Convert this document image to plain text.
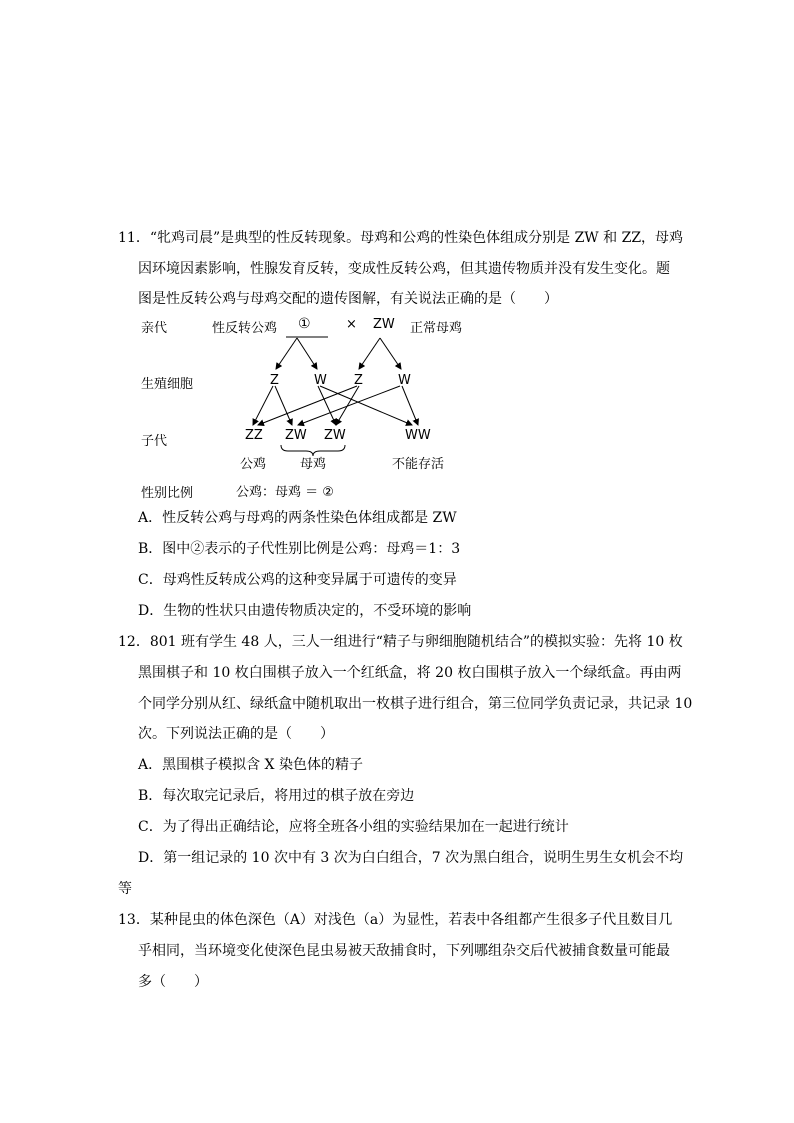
11．“牝鸡司晨”是典型的性反转现象。母鸡和公鸡的性染色体组成分别是 ZW 和 ZZ，母鸡
因环境因素影响，性腺发育反转，变成性反转公鸡，但其遗传物质并没有发生变化。题
图是性反转公鸡与母鸡交配的遗传图解，有关说法正确的是（　　）
亲代	性反转公鸡 ①	× ZW 正常母鸡
生殖细胞	Z	W Z	W
子代	ZZ ZW ZW	WW
公鸡	母鸡	不能存活
性别比例	公鸡：母鸡 ＝ ②
A．性反转公鸡与母鸡的两条性染色体组成都是 ZW
B．图中②表示的子代性别比例是公鸡：母鸡＝1：3
C．母鸡性反转成公鸡的这种变异属于可遗传的变异
D．生物的性状只由遗传物质决定的，不受环境的影响
12．801 班有学生 48 人，三人一组进行“精子与卵细胞随机结合”的模拟实验：先将 10 枚
黑围棋子和 10 枚白围棋子放入一个红纸盒，将 20 枚白围棋子放入一个绿纸盒。再由两
个同学分别从红、绿纸盒中随机取出一枚棋子进行组合，第三位同学负责记录，共记录 10
次。下列说法正确的是（　　）
A．黑围棋子模拟含 X 染色体的精子
B．每次取完记录后，将用过的棋子放在旁边
C．为了得出正确结论，应将全班各小组的实验结果加在一起进行统计
D．第一组记录的 10 次中有 3 次为白白组合，7 次为黑白组合，说明生男生女机会不均
等
13．某种昆虫的体色深色（A）对浅色（a）为显性，若表中各组都产生很多子代且数目几
乎相同，当环境变化使深色昆虫易被天敌捕食时，下列哪组杂交后代被捕食数量可能最
多（　　）
